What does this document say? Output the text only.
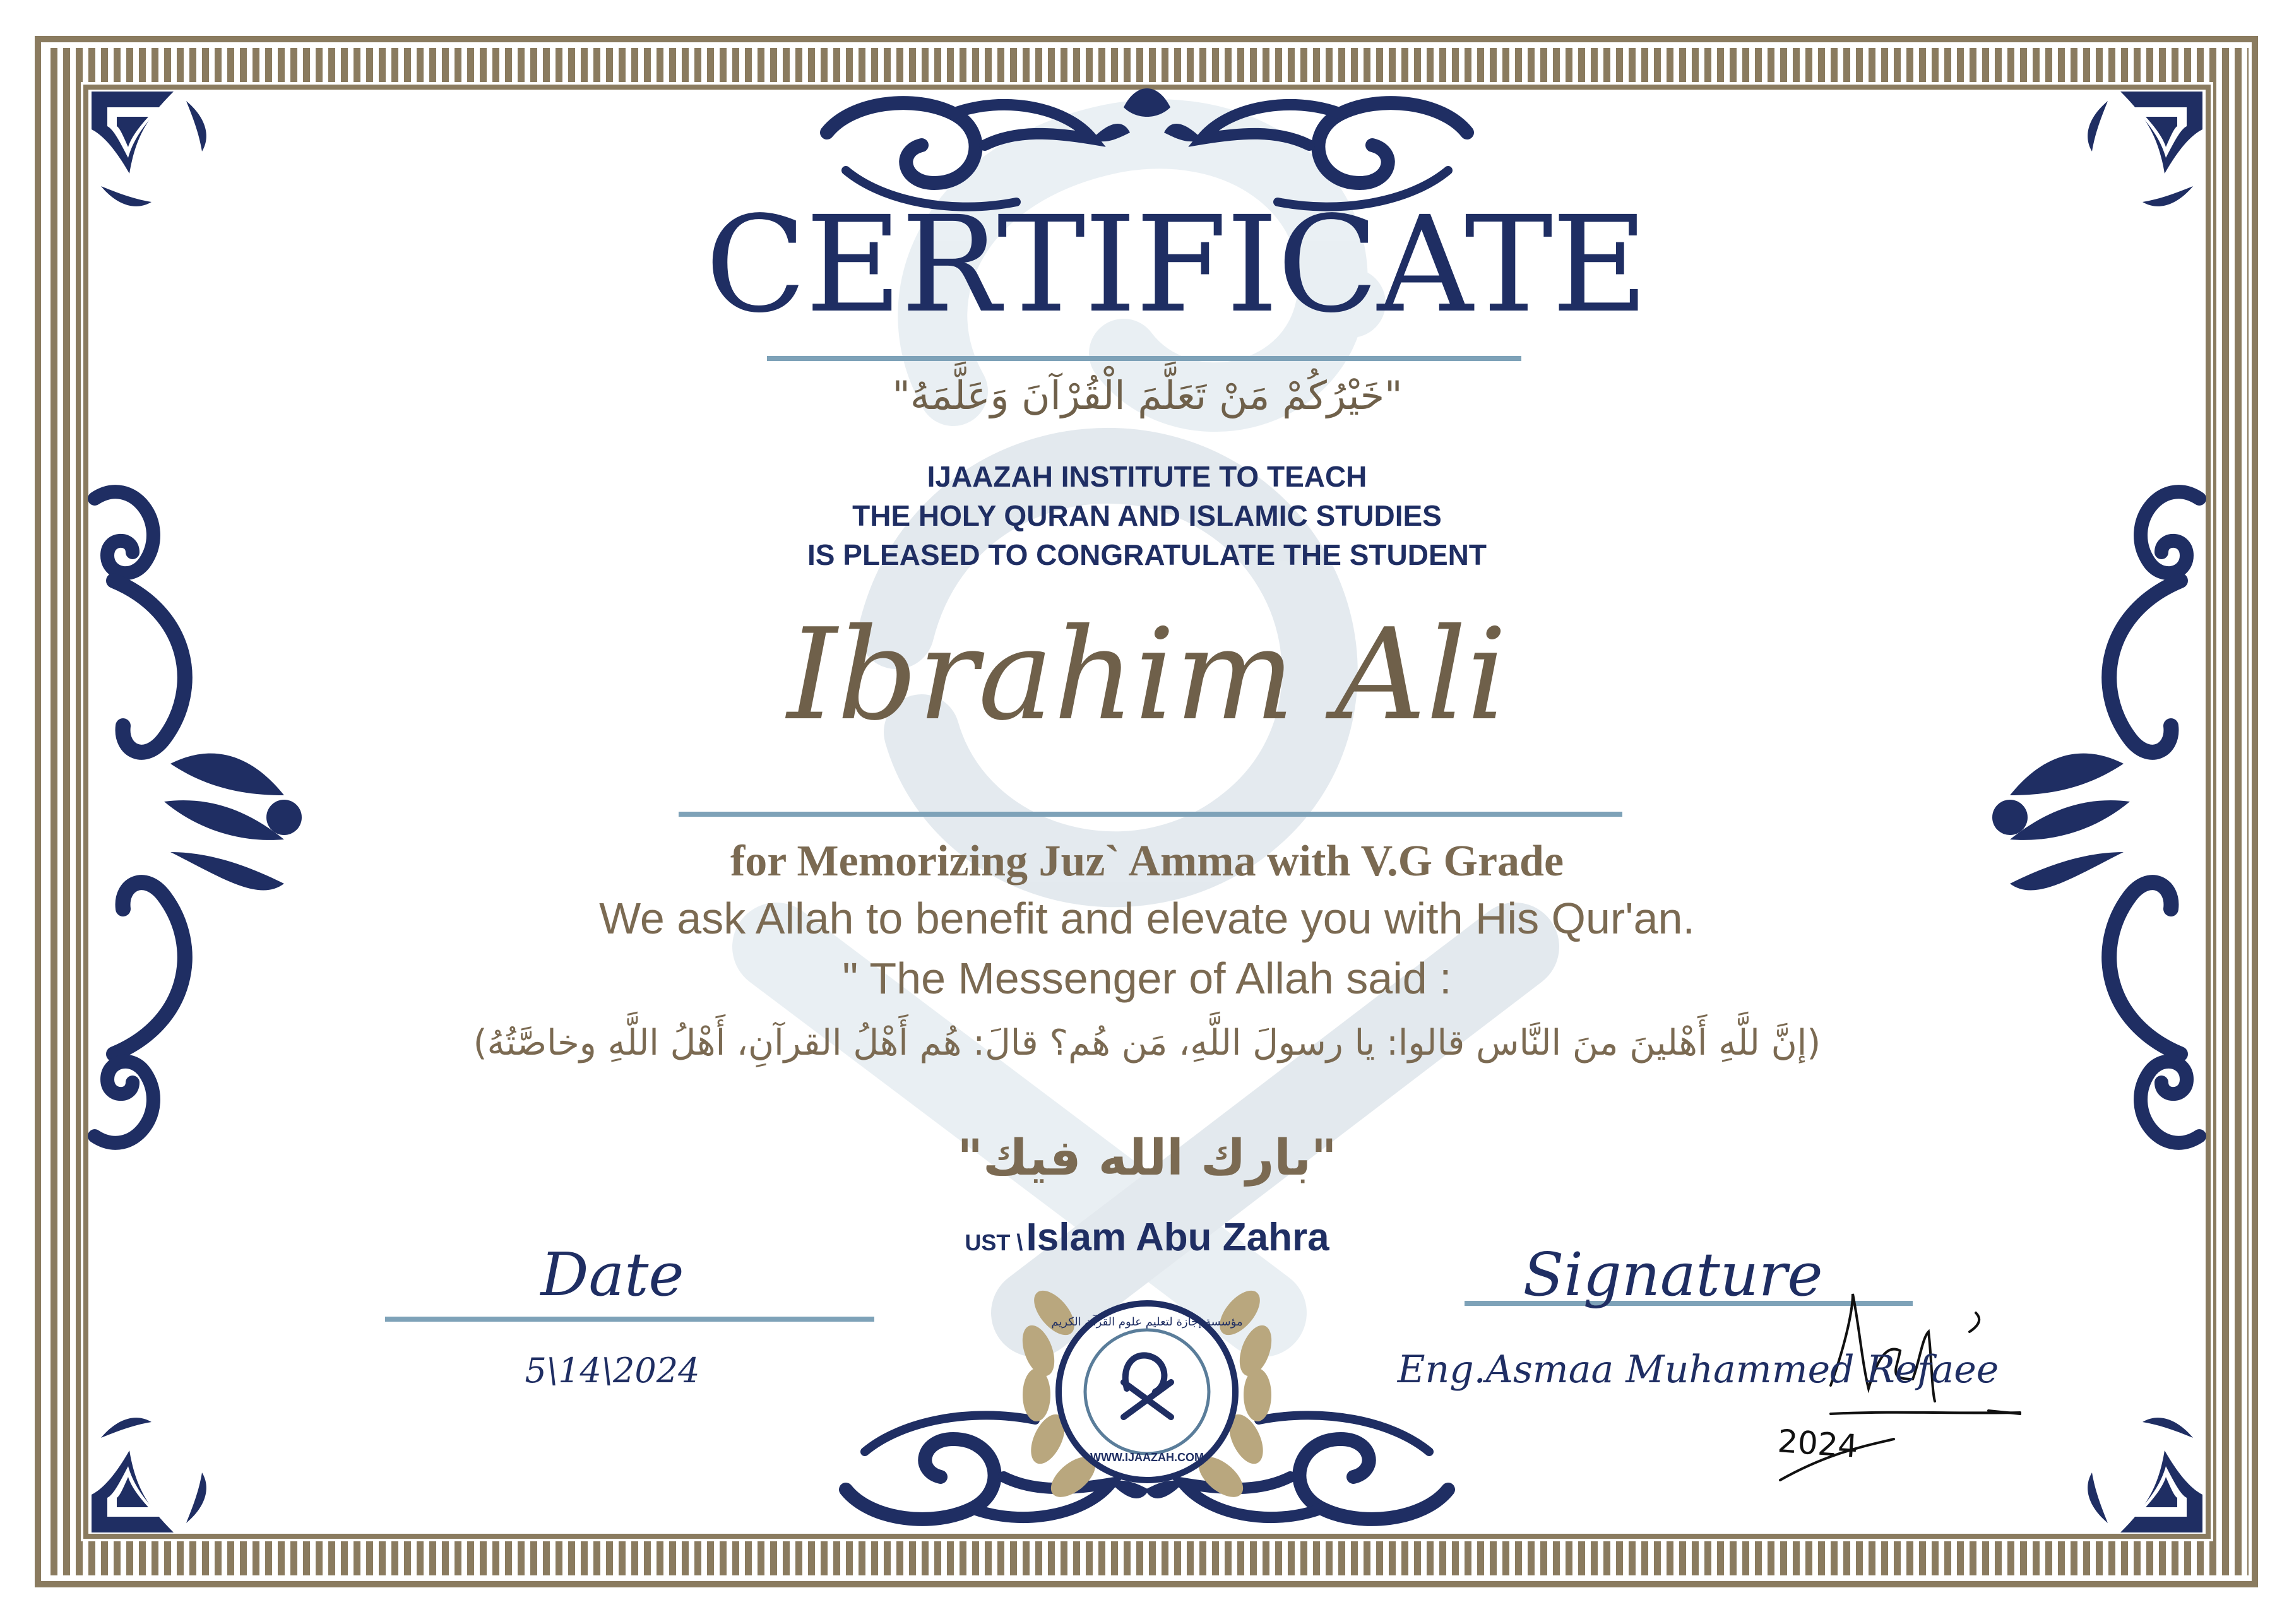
WWW.IJAAZAH.COM
مؤسسة إجازة لتعليم علوم القرآن الكريم
2024
CERTIFICATE
"خَيْرُكُمْ مَنْ تَعَلَّمَ الْقُرْآنَ وَعَلَّمَهُ"
IJAAZAH INSTITUTE TO TEACH
THE HOLY QURAN AND ISLAMIC STUDIES
IS PLEASED TO CONGRATULATE THE STUDENT
Ibrahim Ali
for Memorizing Juz` Amma with V.G Grade
We ask Allah to benefit and elevate you with His Qur'an.
" The Messenger of Allah said :
(إنَّ للَّهِ أَهْلينَ منَ النَّاس قالوا: يا رسولَ اللَّهِ، مَن هُم؟ قالَ: هُم أَهْلُ القرآنِ، أَهْلُ اللَّهِ وخاصَّتُهُ)
"بارك الله فيك"
UST \ Islam Abu Zahra
Date
5\14\2024
Signature
Eng.Asmaa Muhammed Refaee
